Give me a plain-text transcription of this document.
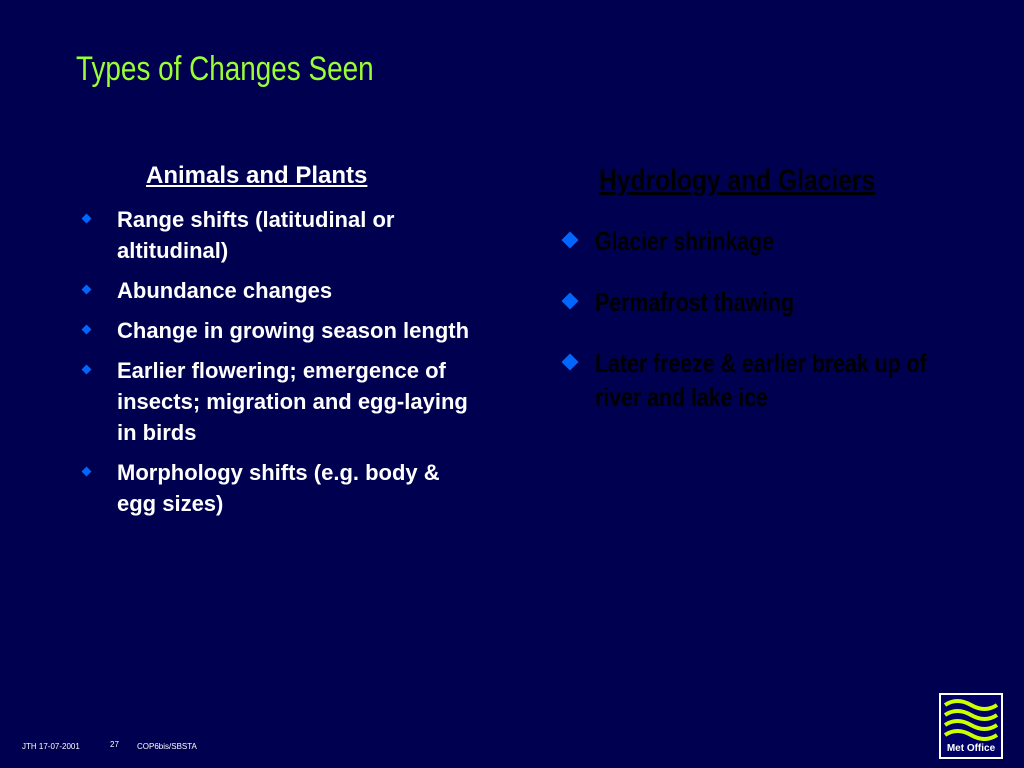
Types of Changes Seen
Animals and Plants
Range shifts (latitudinal or altitudinal)
Abundance changes
Change in growing season length
Earlier flowering; emergence of insects; migration and egg-laying in birds
Morphology shifts (e.g. body & egg sizes)
Hydrology and Glaciers
Glacier shrinkage
Permafrost thawing
Later freeze & earlier break up of river and lake ice
JTH 17-07-2001	27 COP6bis/SBSTA	Met Office
